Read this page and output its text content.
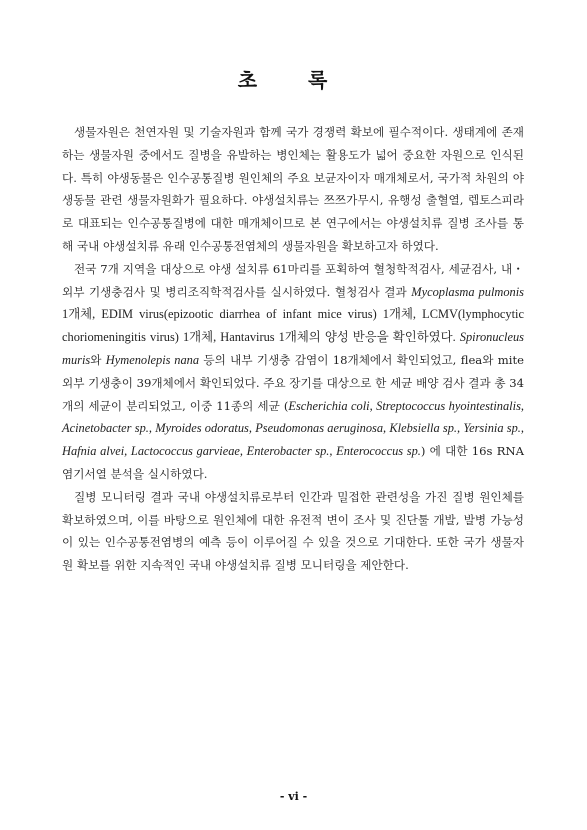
초 록

생물자원은 천연자원 및 기술자원과 함께 국가 경쟁력 확보에 필수적이다. 생태계에 존재하는 생물자원 중에서도 질병을 유발하는 병인체는 활용도가 넓어 중요한 자원으로 인식된다. 특히 야생동물은 인수공통질병 원인체의 주요 보균자이자 매개체로서, 국가적 차원의 야생동물 관련 생물자원화가 필요하다. 야생설치류는 쯔쯔가무시, 유행성 출혈열, 렙토스피라로 대표되는 인수공통질병에 대한 매개체이므로 본 연구에서는 야생설치류 질병 조사를 통해 국내 야생설치류 유래 인수공통전염체의 생물자원을 확보하고자 하였다.

전국 7개 지역을 대상으로 야생 설치류 61마리를 포획하여 혈청학적검사, 세균검사, 내・외부 기생충검사 및 병리조직학적검사를 실시하였다. 혈청검사 결과 Mycoplasma pulmonis 1개체, EDIM virus(epizootic diarrhea of infant mice virus) 1개체, LCMV(lymphocytic choriomeningitis virus) 1개체, Hantavirus 1개체의 양성 반응을 확인하였다. Spironucleus muris와 Hymenolepis nana 등의 내부 기생충 감염이 18개체에서 확인되었고, flea와 mite 외부 기생충이 39개체에서 확인되었다. 주요 장기를 대상으로 한 세균 배양 검사 결과 총 34개의 세균이 분리되었고, 이중 11종의 세균 (Escherichia coli, Streptococcus hyointestinalis, Acinetobacter sp., Myroides odoratus, Pseudomonas aeruginosa, Klebsiella sp., Yersinia sp., Hafnia alvei, Lactococcus garvieae, Enterobacter sp., Enterococcus sp.) 에 대한 16s RNA 염기서열 분석을 실시하였다.

질병 모니터링 결과 국내 야생설치류로부터 인간과 밀접한 관련성을 가진 질병 원인체를 확보하였으며, 이를 바탕으로 원인체에 대한 유전적 변이 조사 및 진단툴 개발, 발병 가능성이 있는 인수공통전염병의 예측 등이 이루어질 수 있을 것으로 기대한다. 또한 국가 생물자원 확보를 위한 지속적인 국내 야생설치류 질병 모니터링을 제안한다.

- vi -
